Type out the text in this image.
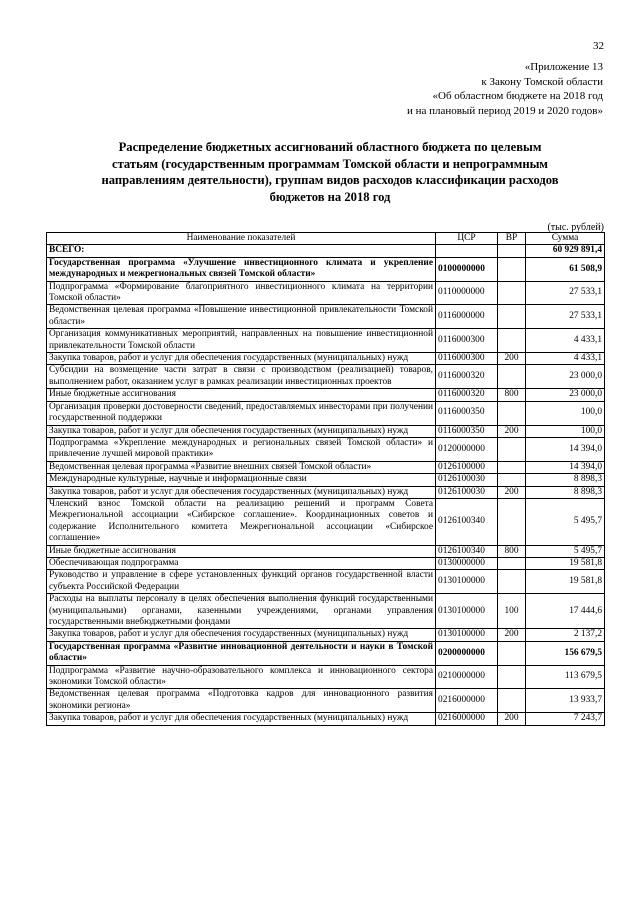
32
«Приложение 13
к Закону Томской области
«Об областном бюджете на 2018 год
и на плановый период 2019 и 2020 годов»
Распределение бюджетных ассигнований областного бюджета по целевым
статьям (государственным программам Томской области и непрограммным
направлениям деятельности), группам видов расходов классификации расходов
бюджетов на 2018 год
(тыс. рублей)
Наименование показателей	ЦСР	ВР	Сумма
ВСЕГО:			60 929 891,4
Государственная программа «Улучшение инвестиционного климата и укрепление международных и межрегиональных связей Томской области»	0100000000		61 508,9
Подпрограмма «Формирование благоприятного инвестиционного климата на территории Томской области»	0110000000		27 533,1
Ведомственная целевая программа «Повышение инвестиционной привлекательности Томской области»	0116000000		27 533,1
Организация коммуникативных мероприятий, направленных на повышение инвестиционной привлекательности Томской области	0116000300		4 433,1
Закупка товаров, работ и услуг для обеспечения государственных (муниципальных) нужд	0116000300	200	4 433,1
Субсидии на возмещение части затрат в связи с производством (реализацией) товаров, выполнением работ, оказанием услуг в рамках реализации инвестиционных проектов	0116000320		23 000,0
Иные бюджетные ассигнования	0116000320	800	23 000,0
Организация проверки достоверности сведений, предоставляемых инвесторами при получении государственной поддержки	0116000350		100,0
Закупка товаров, работ и услуг для обеспечения государственных (муниципальных) нужд	0116000350	200	100,0
Подпрограмма «Укрепление международных и региональных связей Томской области» и привлечение лучшей мировой практики»	0120000000		14 394,0
Ведомственная целевая программа «Развитие внешних связей Томской области»	0126100000		14 394,0
Международные культурные, научные и информационные связи	0126100030		8 898,3
Закупка товаров, работ и услуг для обеспечения государственных (муниципальных) нужд	0126100030	200	8 898,3
Членский взнос Томской области на реализацию решений и программ Совета Межрегиональной ассоциации «Сибирское соглашение». Координационных советов и содержание Исполнительного комитета Межрегиональной ассоциации «Сибирское соглашение»	0126100340		5 495,7
Иные бюджетные ассигнования	0126100340	800	5 495,7
Обеспечивающая подпрограмма	0130000000		19 581,8
Руководство и управление в сфере установленных функций органов государственной власти субъекта Российской Федерации	0130100000		19 581,8
Расходы на выплаты персоналу в целях обеспечения выполнения функций государственными (муниципальными) органами, казенными учреждениями, органами управления государственными внебюджетными фондами	0130100000	100	17 444,6
Закупка товаров, работ и услуг для обеспечения государственных (муниципальных) нужд	0130100000	200	2 137,2
Государственная программа «Развитие инновационной деятельности и науки в Томской области»	0200000000		156 679,5
Подпрограмма «Развитие научно-образовательного комплекса и инновационного сектора экономики Томской области»	0210000000		113 679,5
Ведомственная целевая программа «Подготовка кадров для инновационного развития экономики региона»	0216000000		13 933,7
Закупка товаров, работ и услуг для обеспечения государственных (муниципальных) нужд	0216000000	200	7 243,7
